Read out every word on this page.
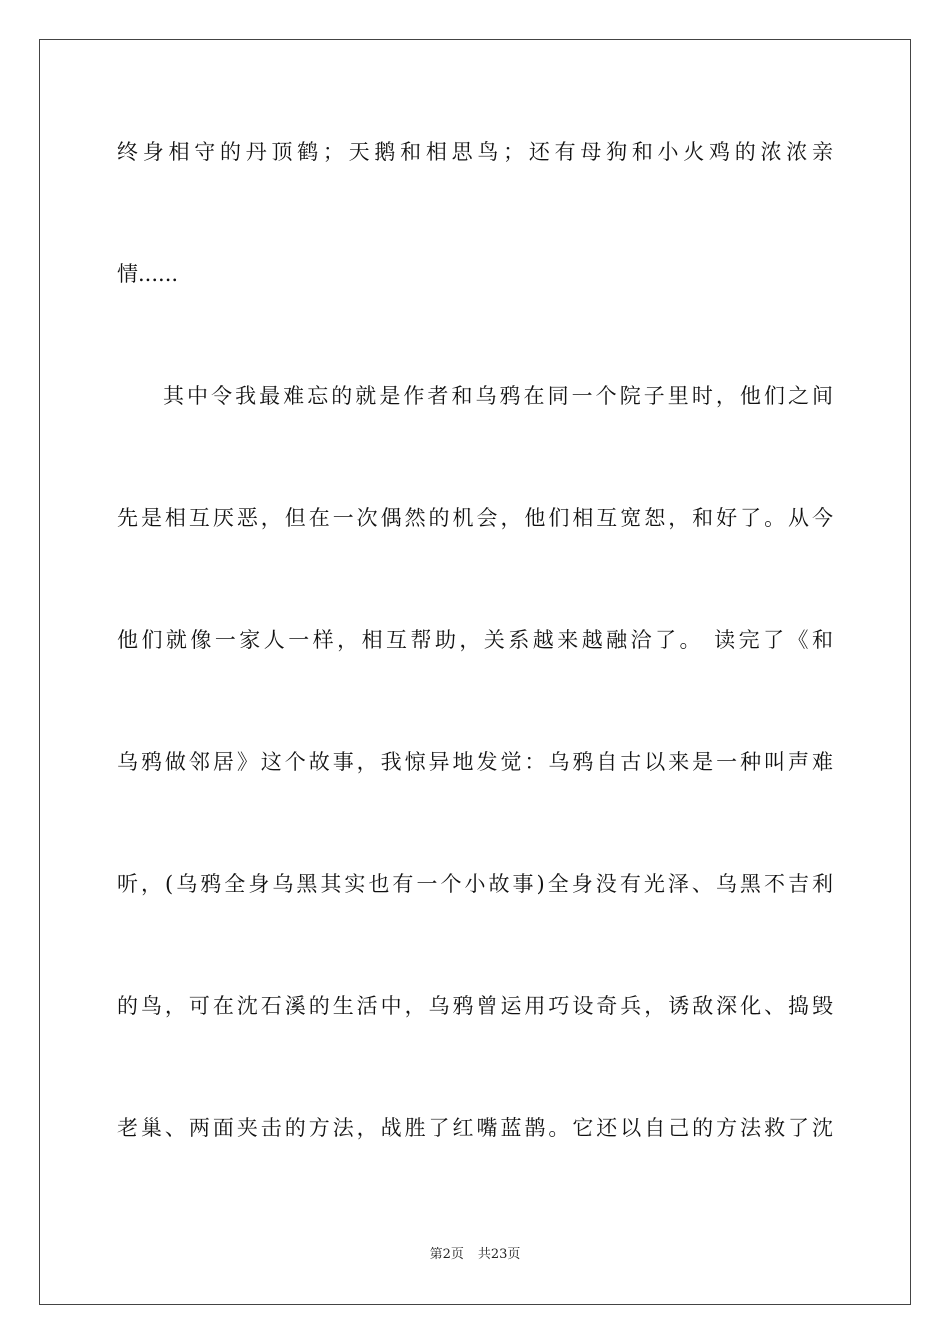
终身相守的丹顶鹤；天鹅和相思鸟；还有母狗和小火鸡的浓浓亲
情......
其中令我最难忘的就是作者和乌鸦在同一个院子里时，他们之间
先是相互厌恶，但在一次偶然的机会，他们相互宽恕，和好了。从今
他们就像一家人一样，相互帮助，关系越来越融洽了。 读完了《和
乌鸦做邻居》这个故事，我惊异地发觉：乌鸦自古以来是一种叫声难
听，(乌鸦全身乌黑其实也有一个小故事)全身没有光泽、乌黑不吉利
的鸟，可在沈石溪的生活中，乌鸦曾运用巧设奇兵，诱敌深化、捣毁
老巢、两面夹击的方法，战胜了红嘴蓝鹊。它还以自己的方法救了沈
第2页 共23页
